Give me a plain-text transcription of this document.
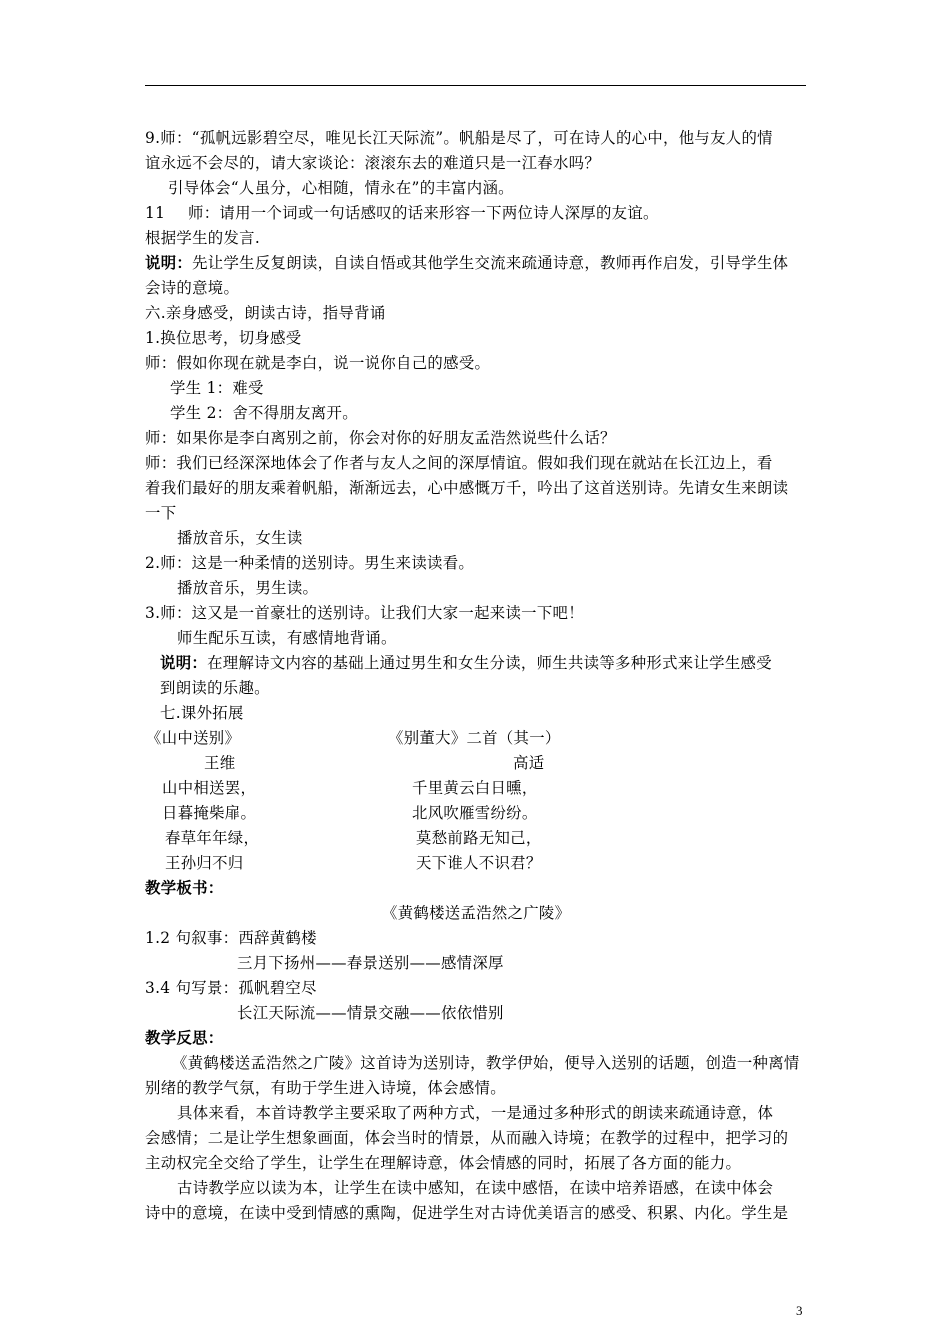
9.师：“孤帆远影碧空尽，唯见长江天际流”。帆船是尽了，可在诗人的心中，他与友人的情
谊永远不会尽的，请大家谈论：滚滚东去的难道只是一江春水吗？
引导体会“人虽分，心相随，情永在”的丰富内涵。
11 师：请用一个词或一句话感叹的话来形容一下两位诗人深厚的友谊。
根据学生的发言.
说明：先让学生反复朗读，自读自悟或其他学生交流来疏通诗意，教师再作启发，引导学生体
会诗的意境。
六.亲身感受，朗读古诗，指导背诵
1.换位思考，切身感受
师：假如你现在就是李白，说一说你自己的感受。
学生 1：难受
学生 2：舍不得朋友离开。
师：如果你是李白离别之前，你会对你的好朋友孟浩然说些什么话？
师：我们已经深深地体会了作者与友人之间的深厚情谊。假如我们现在就站在长江边上，看
着我们最好的朋友乘着帆船，渐渐远去，心中感慨万千，吟出了这首送别诗。先请女生来朗读
一下
播放音乐，女生读
2.师：这是一种柔情的送别诗。男生来读读看。
播放音乐，男生读。
3.师：这又是一首豪壮的送别诗。让我们大家一起来读一下吧！
师生配乐互读，有感情地背诵。
说明：在理解诗文内容的基础上通过男生和女生分读，师生共读等多种形式来让学生感受
到朗读的乐趣。
七.课外拓展
《山中送别》	《别董大》二首（其一）
王维	高适
山中相送罢，	千里黄云白日曛，
日暮掩柴扉。	北风吹雁雪纷纷。
春草年年绿，	莫愁前路无知己，
王孙归不归	天下谁人不识君？
教学板书：
《黄鹤楼送孟浩然之广陵》
1.2 句叙事：西辞黄鹤楼
三月下扬州——春景送别——感情深厚
3.4 句写景：孤帆碧空尽
长江天际流——情景交融——依依惜别
教学反思：
《黄鹤楼送孟浩然之广陵》这首诗为送别诗，教学伊始，便导入送别的话题，创造一种离情
别绪的教学气氛，有助于学生进入诗境，体会感情。
具体来看，本首诗教学主要采取了两种方式，一是通过多种形式的朗读来疏通诗意，体
会感情；二是让学生想象画面，体会当时的情景，从而融入诗境；在教学的过程中，把学习的
主动权完全交给了学生，让学生在理解诗意，体会情感的同时，拓展了各方面的能力。
古诗教学应以读为本，让学生在读中感知，在读中感悟，在读中培养语感，在读中体会
诗中的意境，在读中受到情感的熏陶，促进学生对古诗优美语言的感受、积累、内化。学生是
3
